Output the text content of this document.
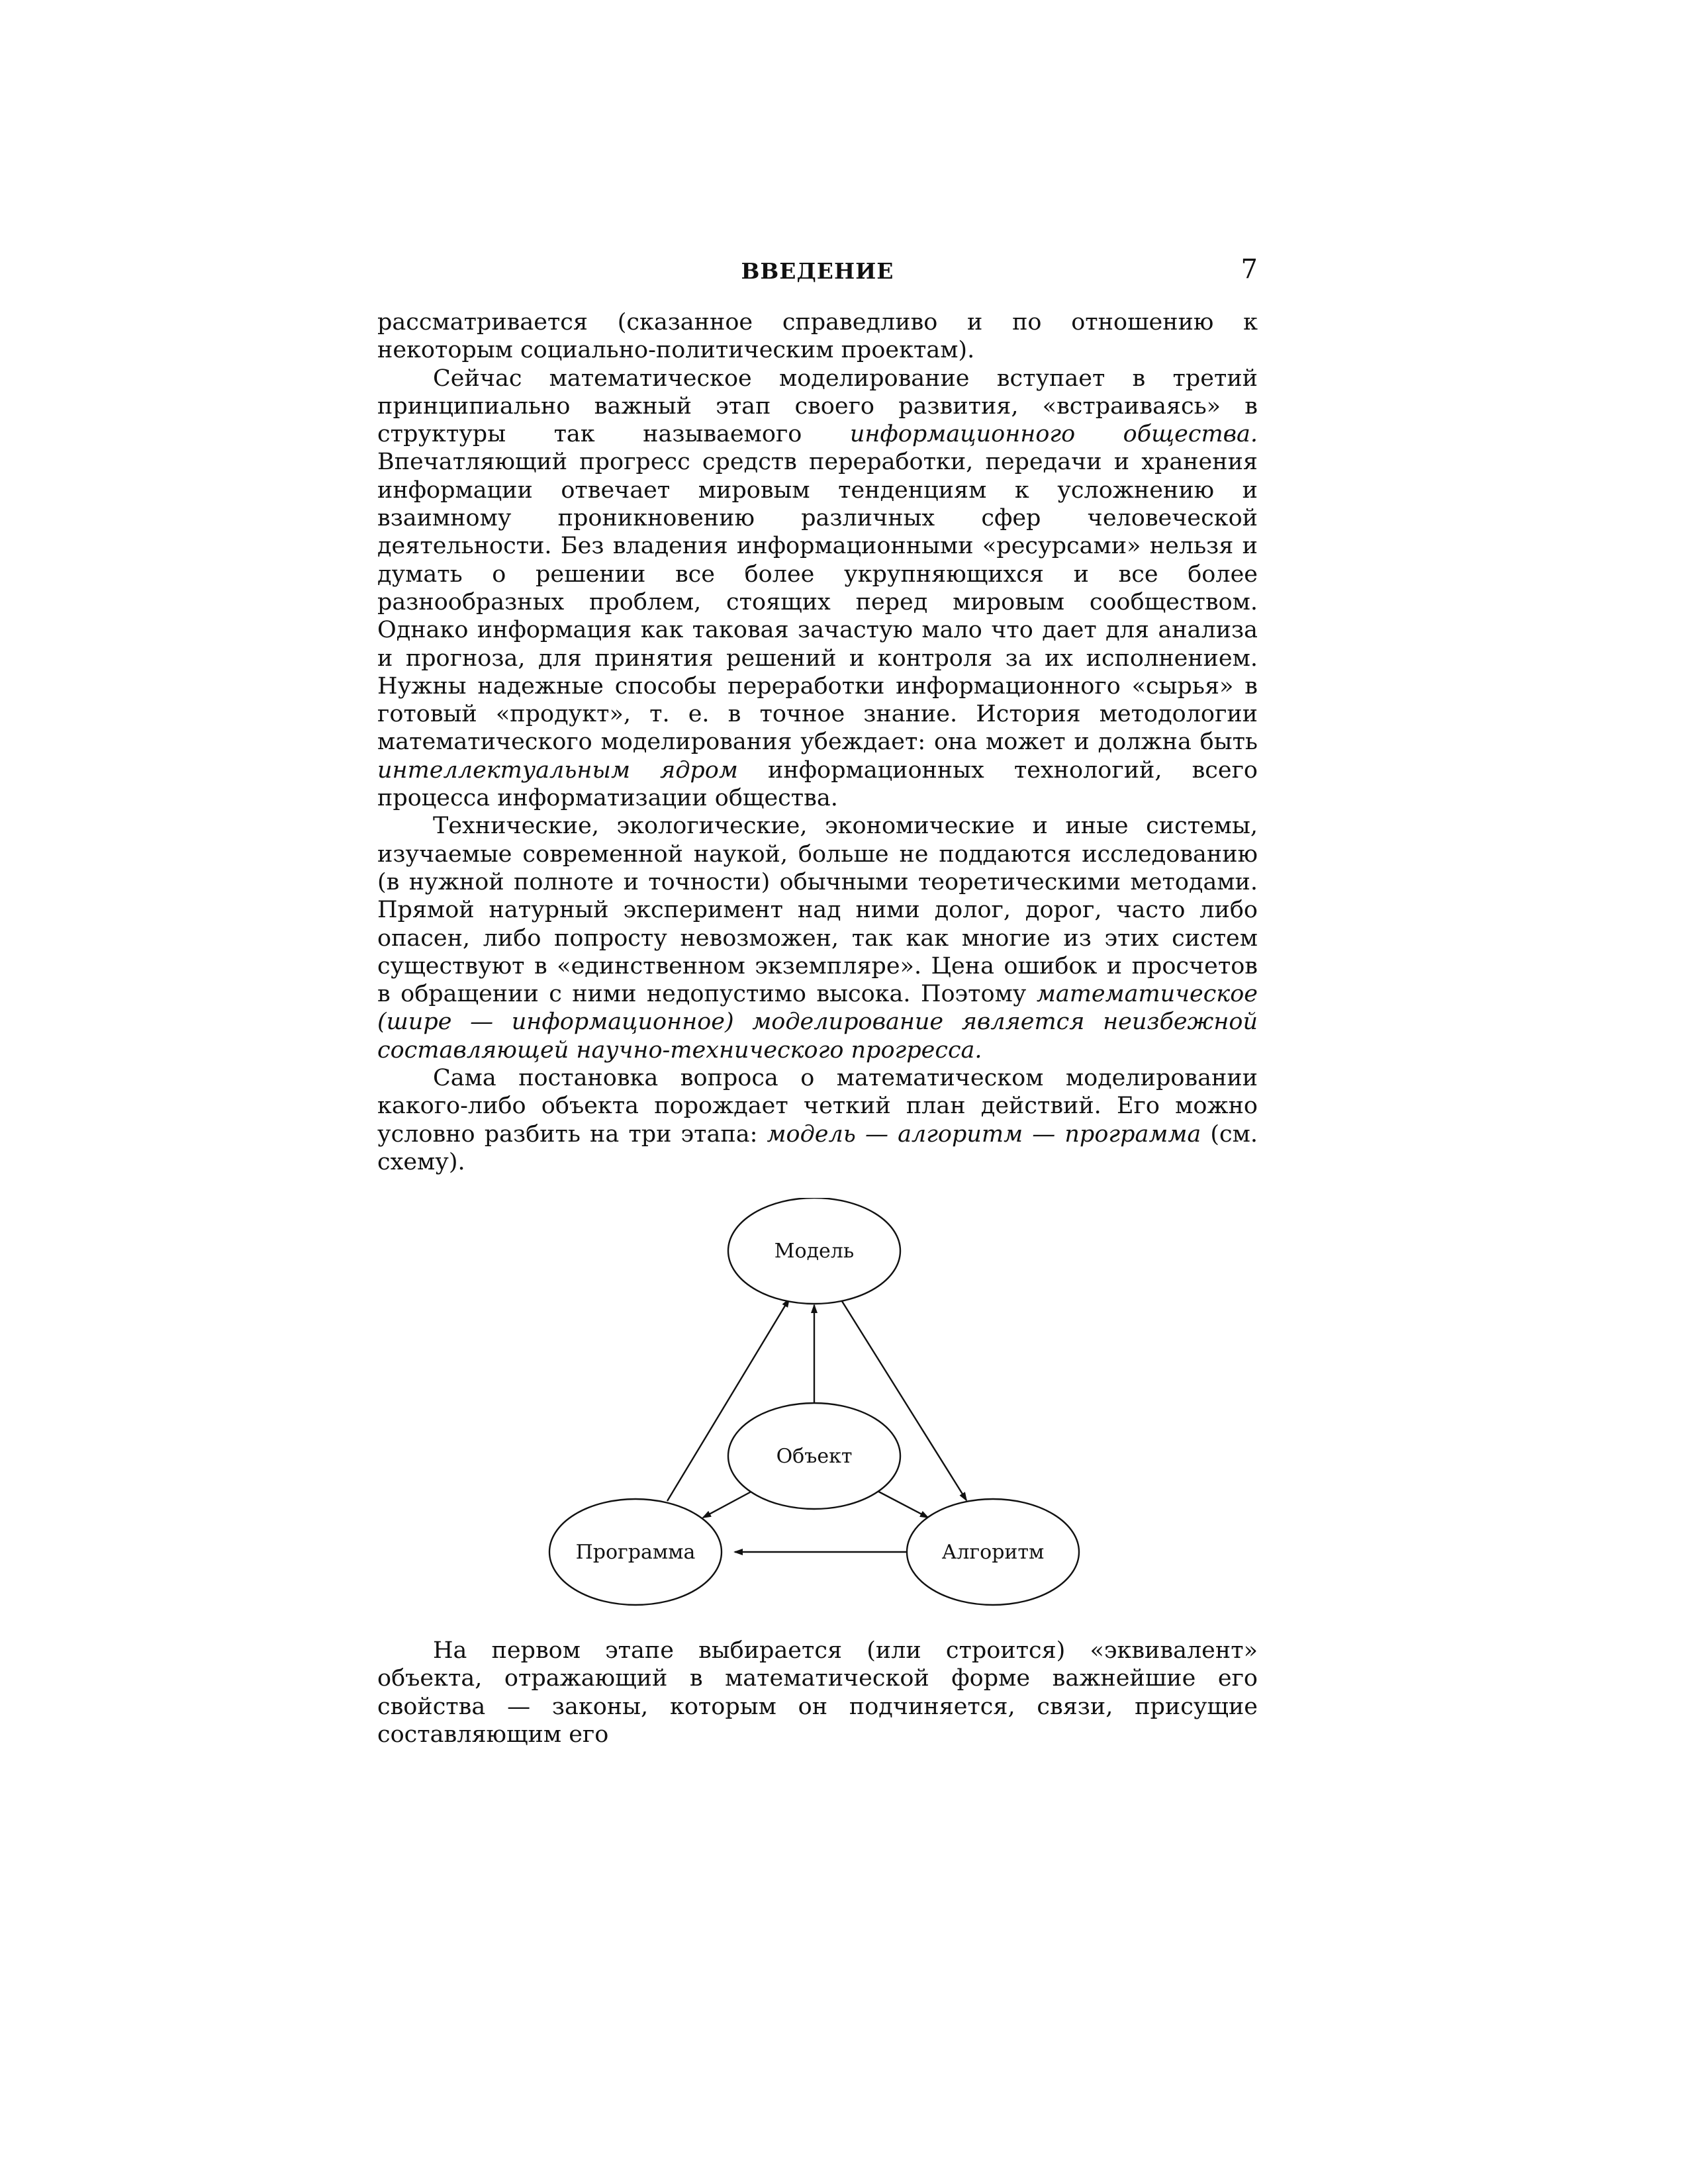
ВВЕДЕНИЕ	7

рассматривается (сказанное справедливо и по отношению к некоторым социально-политическим проектам).

Сейчас математическое моделирование вступает в третий принципиально важный этап своего развития, «встраиваясь» в структуры так называемого информационного общества. Впечатляющий прогресс средств переработки, передачи и хранения информации отвечает мировым тенденциям к усложнению и взаимному проникновению различных сфер человеческой деятельности. Без владения информационными «ресурсами» нельзя и думать о решении все более укрупняющихся и все более разнообразных проблем, стоящих перед мировым сообществом. Однако информация как таковая зачастую мало что дает для анализа и прогноза, для принятия решений и контроля за их исполнением. Нужны надежные способы переработки информационного «сырья» в готовый «продукт», т. е. в точное знание. История методологии математического моделирования убеждает: она может и должна быть интеллектуальным ядром информационных технологий, всего процесса информатизации общества.

Технические, экологические, экономические и иные системы, изучаемые современной наукой, больше не поддаются исследованию (в нужной полноте и точности) обычными теоретическими методами. Прямой натурный эксперимент над ними долог, дорог, часто либо опасен, либо попросту невозможен, так как многие из этих систем существуют в «единственном экземпляре». Цена ошибок и просчетов в обращении с ними недопустимо высока. Поэтому математическое (шире — информационное) моделирование является неизбежной составляющей научно-технического прогресса.

Сама постановка вопроса о математическом моделировании какого-либо объекта порождает четкий план действий. Его можно условно разбить на три этапа: модель — алгоритм — программа (см. схему).

Модель
Объект
Программа	Алгоритм

На первом этапе выбирается (или строится) «эквивалент» объекта, отражающий в математической форме важнейшие его свойства — законы, которым он подчиняется, связи, присущие составляющим его
